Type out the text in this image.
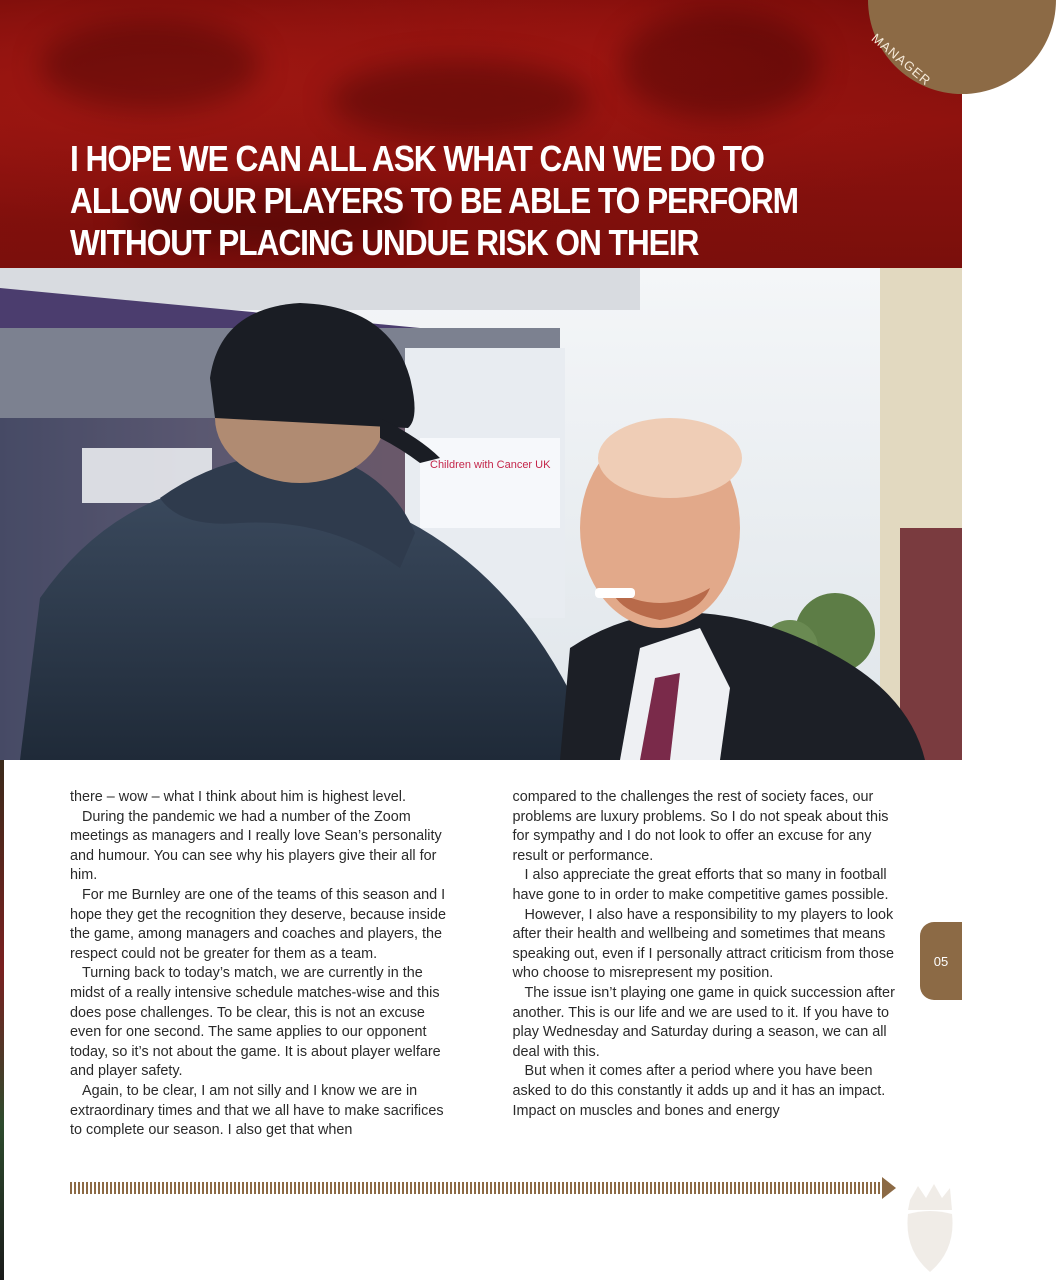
MANAGER
I HOPE WE CAN ALL ASK WHAT CAN WE DO TO ALLOW OUR PLAYERS TO BE ABLE TO PERFORM WITHOUT PLACING UNDUE RISK ON THEIR
Children with Cancer UK

there – wow – what I think about him is highest level.

During the pandemic we had a number of the Zoom meetings as managers and I really love Sean’s personality and humour. You can see why his players give their all for him.

For me Burnley are one of the teams of this season and I hope they get the recognition they deserve, because inside the game, among managers and coaches and players, the respect could not be greater for them as a team.

Turning back to today’s match, we are currently in the midst of a really intensive schedule matches-wise and this does pose challenges. To be clear, this is not an excuse even for one second. The same applies to our opponent today, so it’s not about the game. It is about player welfare and player safety.

Again, to be clear, I am not silly and I know we are in extraordinary times and that we all have to make sacrifices to complete our season. I also get that when

compared to the challenges the rest of society faces, our problems are luxury problems. So I do not speak about this for sympathy and I do not look to offer an excuse for any result or performance.

I also appreciate the great efforts that so many in football have gone to in order to make competitive games possible.

However, I also have a responsibility to my players to look after their health and wellbeing and sometimes that means speaking out, even if I personally attract criticism from those who choose to misrepresent my position.

The issue isn’t playing one game in quick succession after another. This is our life and we are used to it. If you have to play Wednesday and Saturday during a season, we can all deal with this.

But when it comes after a period where you have been asked to do this constantly it adds up and it has an impact. Impact on muscles and bones and energy

05
